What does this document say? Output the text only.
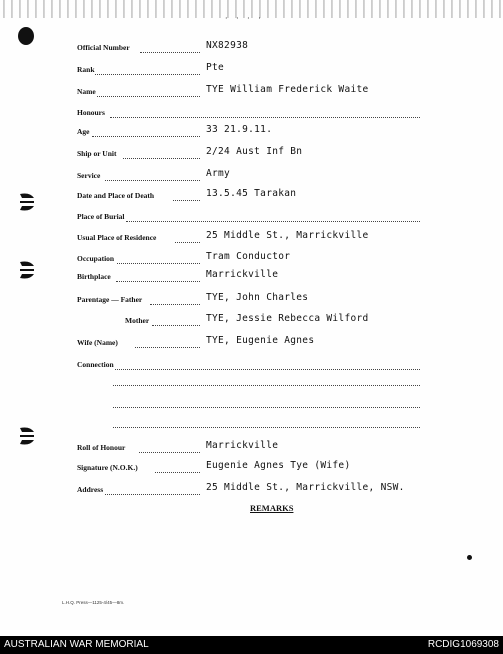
· · · ·
Official Number	NX82938
Rank	Pte
Name	TYE William Frederick Waite
Honours
Age	33 21.9.11.
Ship or Unit	2/24 Aust Inf Bn
Service	Army
Date and Place of Death	13.5.45 Tarakan
Place of Burial
Usual Place of Residence	25 Middle St., Marrickville
Occupation	Tram Conductor
Birthplace	Marrickville
Parentage — Father	TYE, John Charles
Mother	TYE, Jessie Rebecca Wilford
Wife (Name)	TYE, Eugenie Agnes
Connection
Roll of Honour	Marrickville
Signature (N.O.K.)	Eugenie Agnes Tye (Wife)
Address	25 Middle St., Marrickville, NSW.
REMARKS
L.H.Q. Press—1125-4/45—8m.
AUSTRALIAN WAR MEMORIAL	RCDIG1069308
